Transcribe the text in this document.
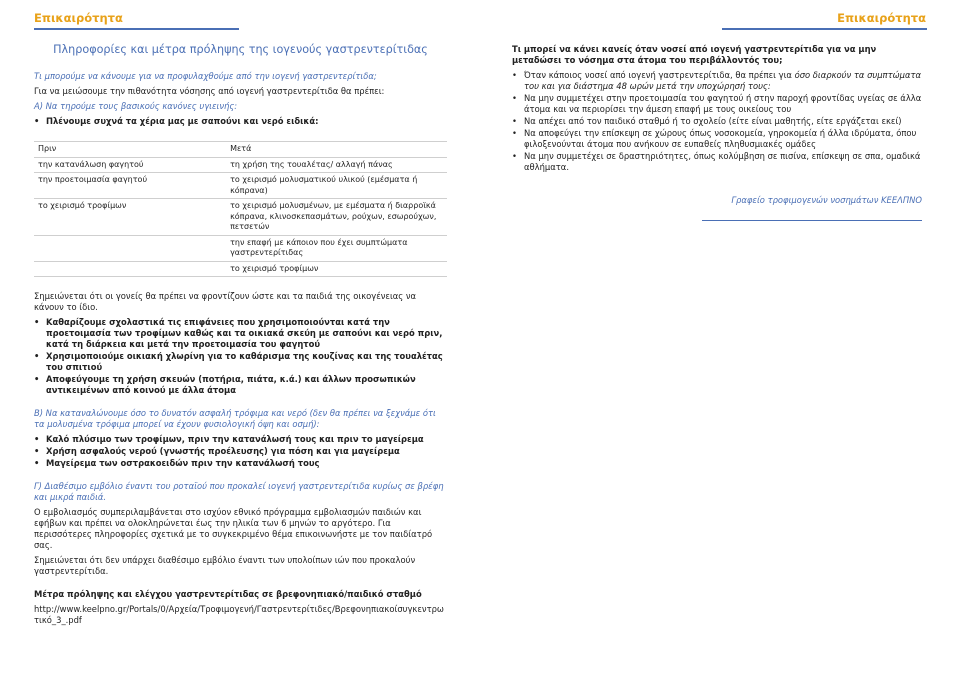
Επικαιρότητα	Επικαιρότητα
Πληροφορίες και μέτρα πρόληψης της ιογενούς γαστρεντερίτιδας

Τι μπορούμε να κάνουμε για να προφυλαχθούμε από την ιογενή γαστρεντερίτιδα;

Για να μειώσουμε την πιθανότητα νόσησης από ιογενή γαστρεντερίτιδα θα πρέπει:

Α) Να τηρούμε τους βασικούς κανόνες υγιεινής:

• Πλένουμε συχνά τα χέρια μας με σαπούνι και νερό ειδικά:
Πριν	Μετά
την κατανάλωση φαγητού	τη χρήση της τουαλέτας/ αλλαγή πάνας
την προετοιμασία φαγητού	το χειρισμό μολυσματικού υλικού (εμέσματα ή κόπρανα)
το χειρισμό τροφίμων	το χειρισμό μολυσμένων, με εμέσματα ή διαρροϊκά κόπρανα, κλινοσκεπασμάτων, ρούχων, εσωρούχων, πετσετών
	την επαφή με κάποιον που έχει συμπτώματα γαστρεντερίτιδας
	το χειρισμό τροφίμων

Σημειώνεται ότι οι γονείς θα πρέπει να φροντίζουν ώστε και τα παιδιά της οικογένειας να κάνουν το ίδιο.

• Καθαρίζουμε σχολαστικά τις επιφάνειες που χρησιμοποιούνται κατά την προετοιμασία των τροφίμων καθώς και τα οικιακά σκεύη με σαπούνι και νερό πριν, κατά τη διάρκεια και μετά την προετοιμασία του φαγητού
• Χρησιμοποιούμε οικιακή χλωρίνη για το καθάρισμα της κουζίνας και της τουαλέτας του σπιτιού
• Αποφεύγουμε τη χρήση σκευών (ποτήρια, πιάτα, κ.ά.) και άλλων προσωπικών αντικειμένων από κοινού με άλλα άτομα

Β) Να καταναλώνουμε όσο το δυνατόν ασφαλή τρόφιμα και νερό (δεν θα πρέπει να ξεχνάμε ότι τα μολυσμένα τρόφιμα μπορεί να έχουν φυσιολογική όψη και οσμή):

• Καλό πλύσιμο των τροφίμων, πριν την κατανάλωσή τους και πριν το μαγείρεμα
• Χρήση ασφαλούς νερού (γνωστής προέλευσης) για πόση και για μαγείρεμα
• Μαγείρεμα των οστρακοειδών πριν την κατανάλωσή τους

Γ) Διαθέσιμο εμβόλιο έναντι του ροταϊού που προκαλεί ιογενή γαστρεντερίτιδα κυρίως σε βρέφη και μικρά παιδιά.

Ο εμβολιασμός συμπεριλαμβάνεται στο ισχύον εθνικό πρόγραμμα εμβολιασμών παιδιών και εφήβων και πρέπει να ολοκληρώνεται έως την ηλικία των 6 μηνών το αργότερο. Για περισσότερες πληροφορίες σχετικά με το συγκεκριμένο θέμα επικοινωνήστε με τον παιδίατρό σας.

Σημειώνεται ότι δεν υπάρχει διαθέσιμο εμβόλιο έναντι των υπολοίπων ιών που προκαλούν γαστρεντερίτιδα.

Μέτρα πρόληψης και ελέγχου γαστρεντερίτιδας σε βρεφονηπιακό/παιδικό σταθμό

http://www.keelpno.gr/Portals/0/Αρχεία/Τροφιμογενή/Γαστρεντερίτιδες/Βρεφονηπιακοίσυγκεντρωτικό_3_.pdf

Τι μπορεί να κάνει κανείς όταν νοσεί από ιογενή γαστρεντερίτιδα για να μην μεταδώσει το νόσημα στα άτομα του περιβάλλοντός του;

• Όταν κάποιος νοσεί από ιογενή γαστρεντερίτιδα, θα πρέπει για όσο διαρκούν τα συμπτώματα του και για διάστημα 48 ωρών μετά την υποχώρησή τους:
• Να μην συμμετέχει στην προετοιμασία του φαγητού ή στην παροχή φροντίδας υγείας σε άλλα άτομα και να περιορίσει την άμεση επαφή με τους οικείους του
• Να απέχει από τον παιδικό σταθμό ή το σχολείο (είτε είναι μαθητής, είτε εργάζεται εκεί)
• Να αποφεύγει την επίσκεψη σε χώρους όπως νοσοκομεία, γηροκομεία ή άλλα ιδρύματα, όπου φιλοξενούνται άτομα που ανήκουν σε ευπαθείς πληθυσμιακές ομάδες
• Να μην συμμετέχει σε δραστηριότητες, όπως κολύμβηση σε πισίνα, επίσκεψη σε σπα, ομαδικά αθλήματα.
Γραφείο τροφιμογενών νοσημάτων ΚΕΕΛΠΝΟ
